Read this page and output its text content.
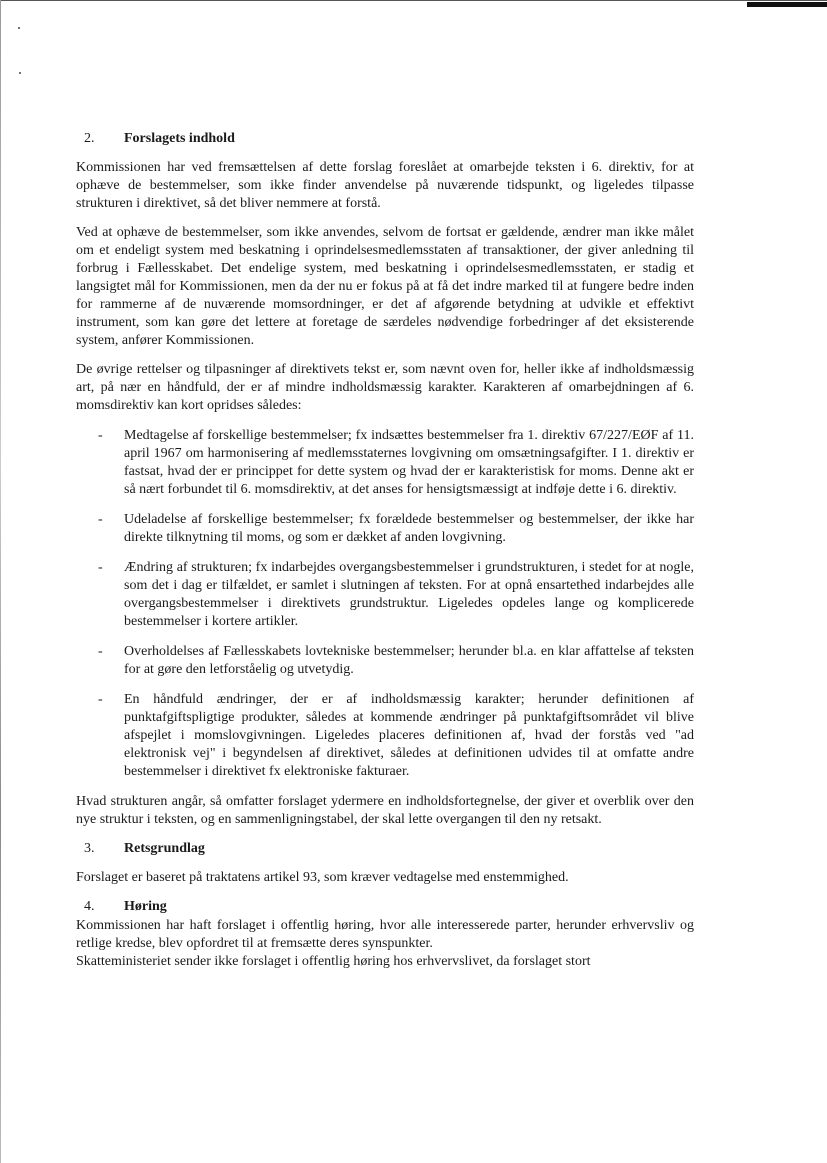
2.	Forslagets indhold

Kommissionen har ved fremsættelsen af dette forslag foreslået at omarbejde teksten i 6. direktiv, for at ophæve de bestemmelser, som ikke finder anvendelse på nuværende tidspunkt, og ligeledes tilpasse strukturen i direktivet, så det bliver nemmere at forstå.

Ved at ophæve de bestemmelser, som ikke anvendes, selvom de fortsat er gældende, ændrer man ikke målet om et endeligt system med beskatning i oprindelsesmedlemsstaten af transaktioner, der giver anledning til forbrug i Fællesskabet. Det endelige system, med beskatning i oprindelsesmedlemsstaten, er stadig et langsigtet mål for Kommissionen, men da der nu er fokus på at få det indre marked til at fungere bedre inden for rammerne af de nuværende momsordninger, er det af afgørende betydning at udvikle et effektivt instrument, som kan gøre det lettere at foretage de særdeles nødvendige forbedringer af det eksisterende system, anfører Kommissionen.

De øvrige rettelser og tilpasninger af direktivets tekst er, som nævnt oven for, heller ikke af indholdsmæssig art, på nær en håndfuld, der er af mindre indholdsmæssig karakter. Karakteren af omarbejdningen af 6. momsdirektiv kan kort opridses således:

-	Medtagelse af forskellige bestemmelser; fx indsættes bestemmelser fra 1. direktiv 67/227/EØF af 11. april 1967 om harmonisering af medlemsstaternes lovgivning om omsætningsafgifter. I 1. direktiv er fastsat, hvad der er princippet for dette system og hvad der er karakteristisk for moms. Denne akt er så nært forbundet til 6. momsdirektiv, at det anses for hensigtsmæssigt at indføje dette i 6. direktiv.
-	Udeladelse af forskellige bestemmelser; fx forældede bestemmelser og bestemmelser, der ikke har direkte tilknytning til moms, og som er dækket af anden lovgivning.
-	Ændring af strukturen; fx indarbejdes overgangsbestemmelser i grundstrukturen, i stedet for at nogle, som det i dag er tilfældet, er samlet i slutningen af teksten. For at opnå ensartethed indarbejdes alle overgangsbestemmelser i direktivets grundstruktur. Ligeledes opdeles lange og komplicerede bestemmelser i kortere artikler.
-	Overholdelses af Fællesskabets lovtekniske bestemmelser; herunder bl.a. en klar affattelse af teksten for at gøre den letforståelig og utvetydig.
-	En håndfuld ændringer, der er af indholdsmæssig karakter; herunder definitionen af punktafgiftspligtige produkter, således at kommende ændringer på punktafgiftsområdet vil blive afspejlet i momslovgivningen. Ligeledes placeres definitionen af, hvad der forstås ved "ad elektronisk vej" i begyndelsen af direktivet, således at definitionen udvides til at omfatte andre bestemmelser i direktivet fx elektroniske fakturaer.

Hvad strukturen angår, så omfatter forslaget ydermere en indholdsfortegnelse, der giver et overblik over den nye struktur i teksten, og en sammenligningstabel, der skal lette overgangen til den ny retsakt.

3.	Retsgrundlag

Forslaget er baseret på traktatens artikel 93, som kræver vedtagelse med enstemmighed.

4.	Høring

Kommissionen har haft forslaget i offentlig høring, hvor alle interesserede parter, herunder erhvervsliv og retlige kredse, blev opfordret til at fremsætte deres synspunkter.

Skatteministeriet sender ikke forslaget i offentlig høring hos erhvervslivet, da forslaget stort
